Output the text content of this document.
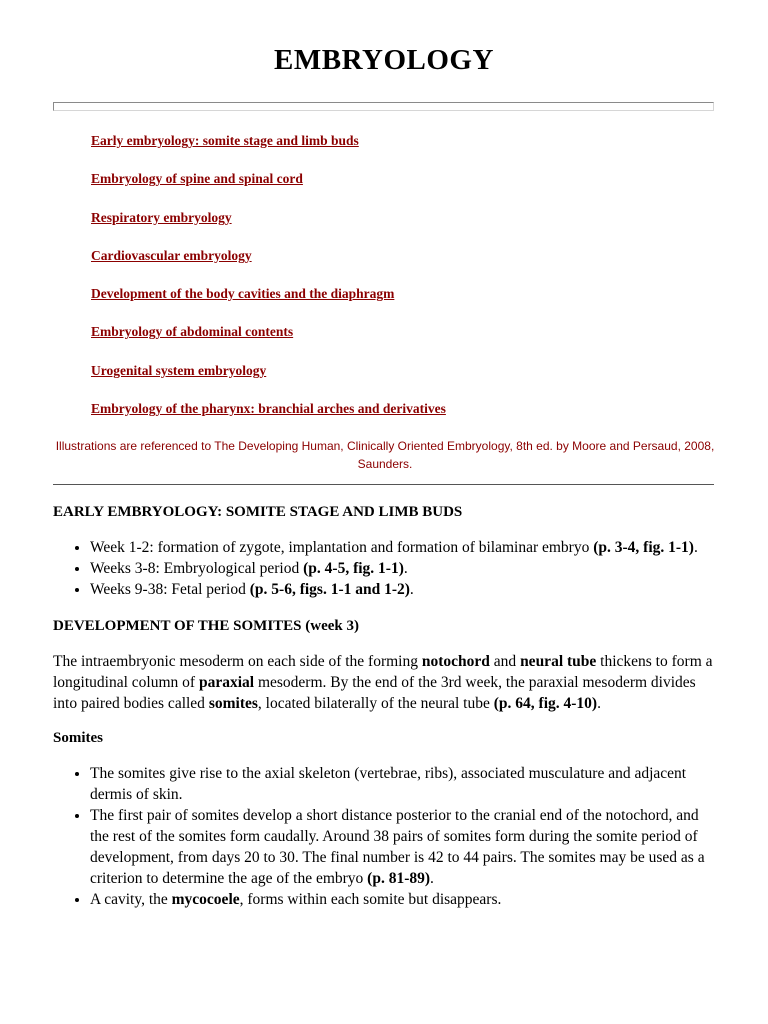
EMBRYOLOGY
Early embryology: somite stage and limb buds
Embryology of spine and spinal cord
Respiratory embryology
Cardiovascular embryology
Development of the body cavities and the diaphragm
Embryology of abdominal contents
Urogenital system embryology
Embryology of the pharynx: branchial arches and derivatives
Illustrations are referenced to The Developing Human, Clinically Oriented Embryology, 8th ed. by Moore and Persaud, 2008, Saunders.
EARLY EMBRYOLOGY: SOMITE STAGE AND LIMB BUDS
• Week 1-2: formation of zygote, implantation and formation of bilaminar embryo (p. 3-4, fig. 1-1).
• Weeks 3-8: Embryological period (p. 4-5, fig. 1-1).
• Weeks 9-38: Fetal period (p. 5-6, figs. 1-1 and 1-2).
DEVELOPMENT OF THE SOMITES (week 3)

The intraembryonic mesoderm on each side of the forming notochord and neural tube thickens to form a longitudinal column of paraxial mesoderm. By the end of the 3rd week, the paraxial mesoderm divides into paired bodies called somites, located bilaterally of the neural tube (p. 64, fig. 4-10).

Somites
• The somites give rise to the axial skeleton (vertebrae, ribs), associated musculature and adjacent dermis of skin.
• The first pair of somites develop a short distance posterior to the cranial end of the notochord, and the rest of the somites form caudally. Around 38 pairs of somites form during the somite period of development, from days 20 to 30. The final number is 42 to 44 pairs. The somites may be used as a criterion to determine the age of the embryo (p. 81-89).
• A cavity, the mycocoele, forms within each somite but disappears.
